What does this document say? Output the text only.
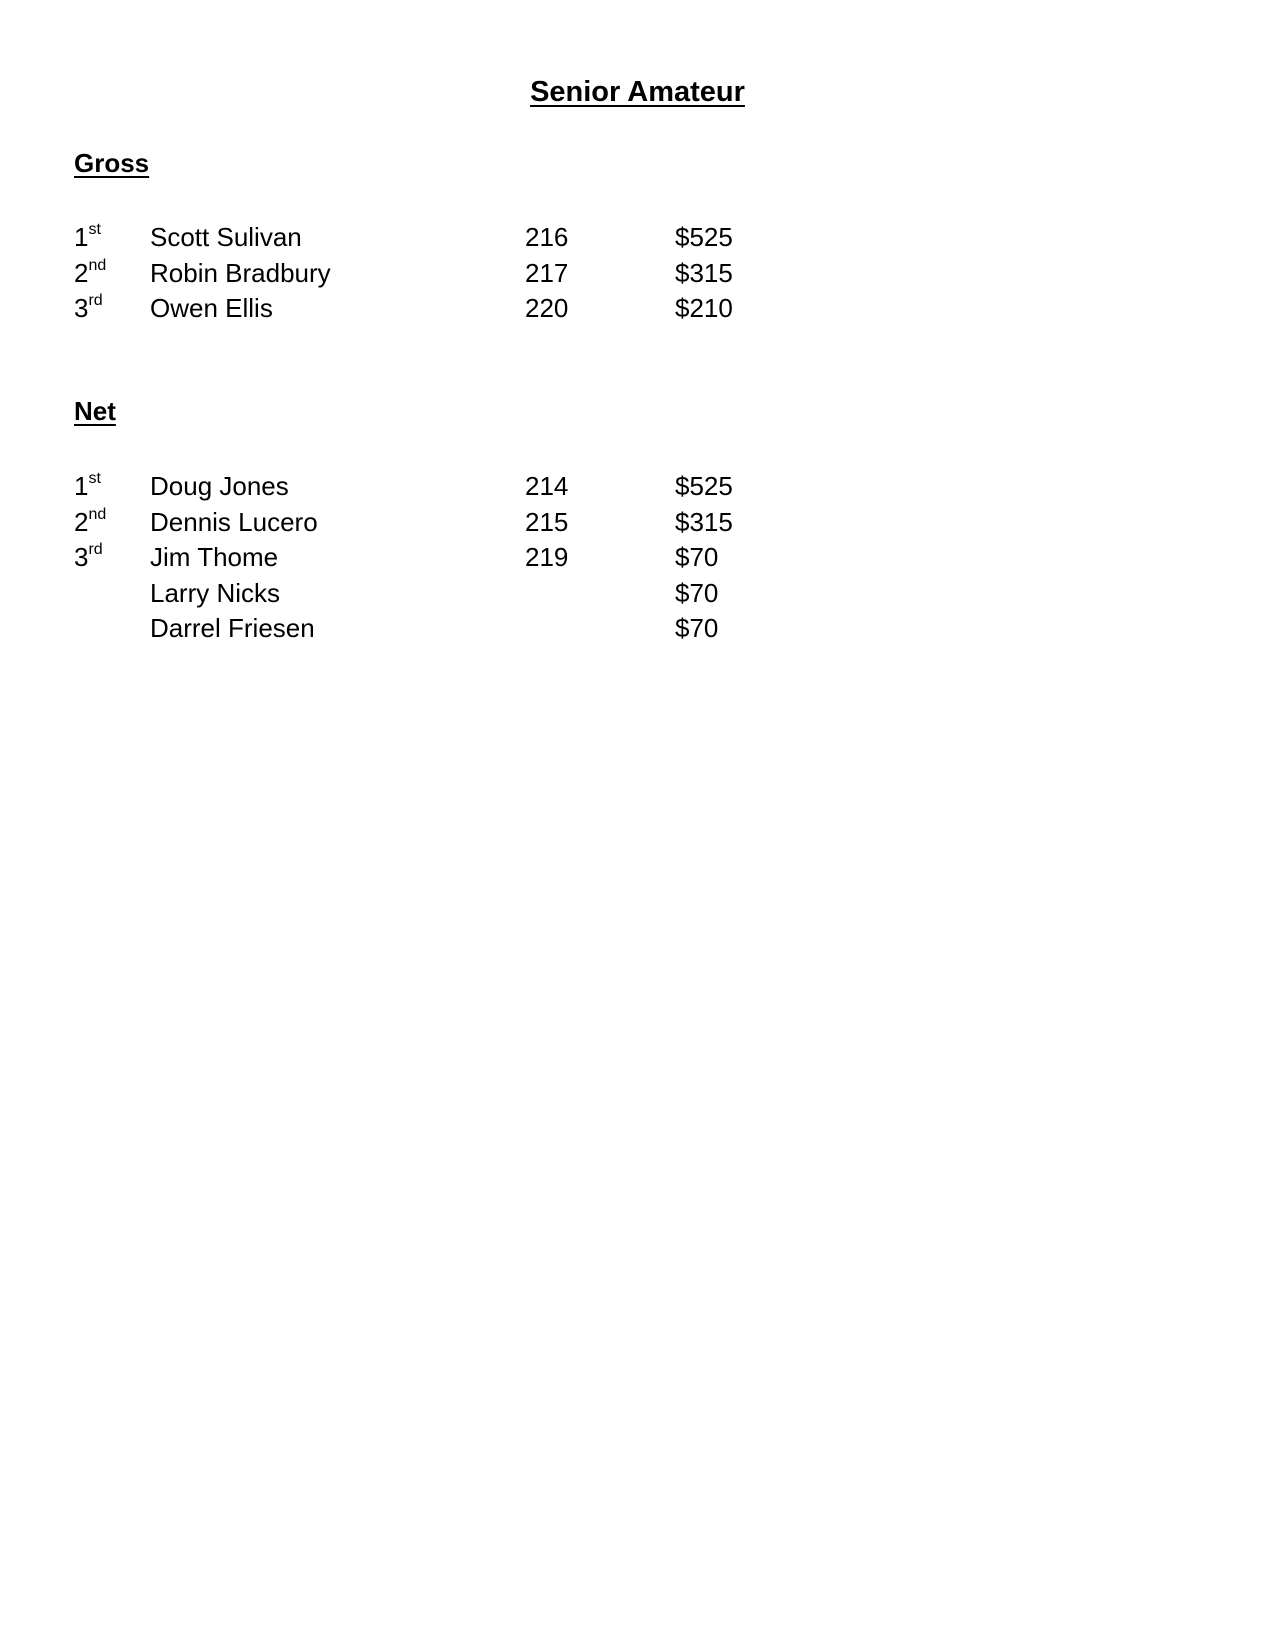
Senior Amateur
Gross
1st Scott Sulivan	216	$525
2nd Robin Bradbury	217	$315
3rd Owen Ellis	220	$210
Net
1st Doug Jones	214	$525
2nd Dennis Lucero	215	$315
3rd Jim Thome	219	$70
Larry Nicks	$70
Darrel Friesen	$70
